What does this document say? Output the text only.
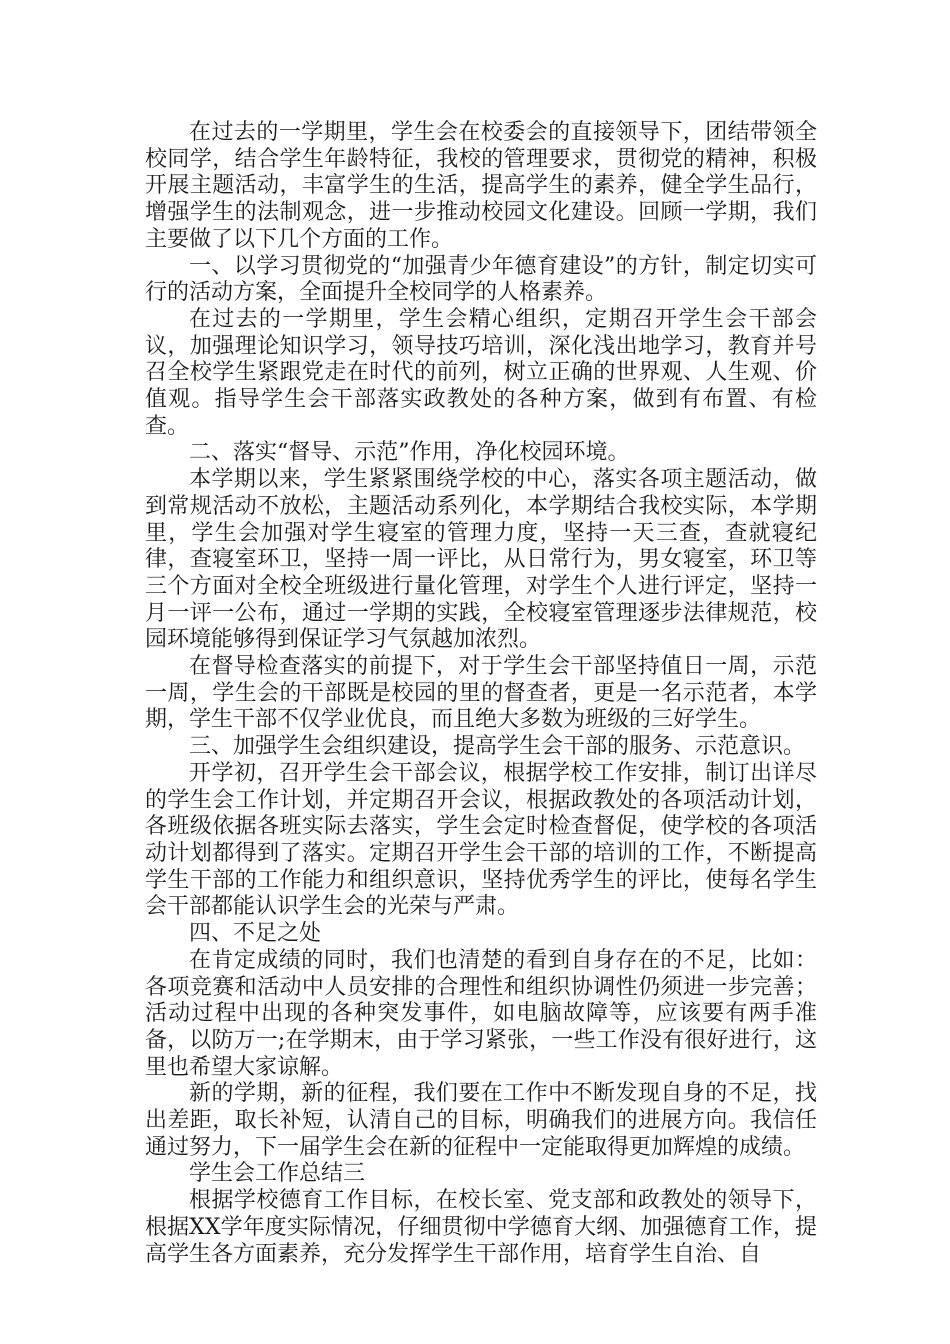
在过去的一学期里，学生会在校委会的直接领导下，团结带领全校同学，结合学生年龄特征，我校的管理要求，贯彻党的精神，积极开展主题活动，丰富学生的生活，提高学生的素养，健全学生品行，增强学生的法制观念，进一步推动校园文化建设。回顾一学期，我们主要做了以下几个方面的工作。

一、以学习贯彻党的“加强青少年德育建设”的方针，制定切实可行的活动方案，全面提升全校同学的人格素养。

在过去的一学期里，学生会精心组织，定期召开学生会干部会议，加强理论知识学习，领导技巧培训，深化浅出地学习，教育并号召全校学生紧跟党走在时代的前列，树立正确的世界观、人生观、价值观。指导学生会干部落实政教处的各种方案，做到有布置、有检查。

二、落实“督导、示范”作用，净化校园环境。

本学期以来，学生紧紧围绕学校的中心，落实各项主题活动，做到常规活动不放松，主题活动系列化，本学期结合我校实际，本学期里，学生会加强对学生寝室的管理力度，坚持一天三查，查就寝纪律，查寝室环卫，坚持一周一评比，从日常行为，男女寝室，环卫等三个方面对全校全班级进行量化管理，对学生个人进行评定，坚持一月一评一公布，通过一学期的实践，全校寝室管理逐步法律规范，校园环境能够得到保证学习气氛越加浓烈。

在督导检查落实的前提下，对于学生会干部坚持值日一周，示范一周，学生会的干部既是校园的里的督查者，更是一名示范者，本学期，学生干部不仅学业优良，而且绝大多数为班级的三好学生。

三、加强学生会组织建设，提高学生会干部的服务、示范意识。

开学初，召开学生会干部会议，根据学校工作安排，制订出详尽的学生会工作计划，并定期召开会议，根据政教处的各项活动计划，各班级依据各班实际去落实，学生会定时检查督促，使学校的各项活动计划都得到了落实。定期召开学生会干部的培训的工作，不断提高学生干部的工作能力和组织意识，坚持优秀学生的评比，使每名学生会干部都能认识学生会的光荣与严肃。

四、不足之处

在肯定成绩的同时，我们也清楚的看到自身存在的不足，比如：各项竞赛和活动中人员安排的合理性和组织协调性仍须进一步完善；活动过程中出现的各种突发事件，如电脑故障等，应该要有两手准备，以防万一;在学期末，由于学习紧张，一些工作没有很好进行，这里也希望大家谅解。

新的学期，新的征程，我们要在工作中不断发现自身的不足，找出差距，取长补短，认清自己的目标，明确我们的进展方向。我信任通过努力，下一届学生会在新的征程中一定能取得更加辉煌的成绩。

学生会工作总结三

根据学校德育工作目标，在校长室、党支部和政教处的领导下，根据XX学年度实际情况，仔细贯彻中学德育大纲、加强德育工作，提高学生各方面素养，充分发挥学生干部作用，培育学生自治、自
